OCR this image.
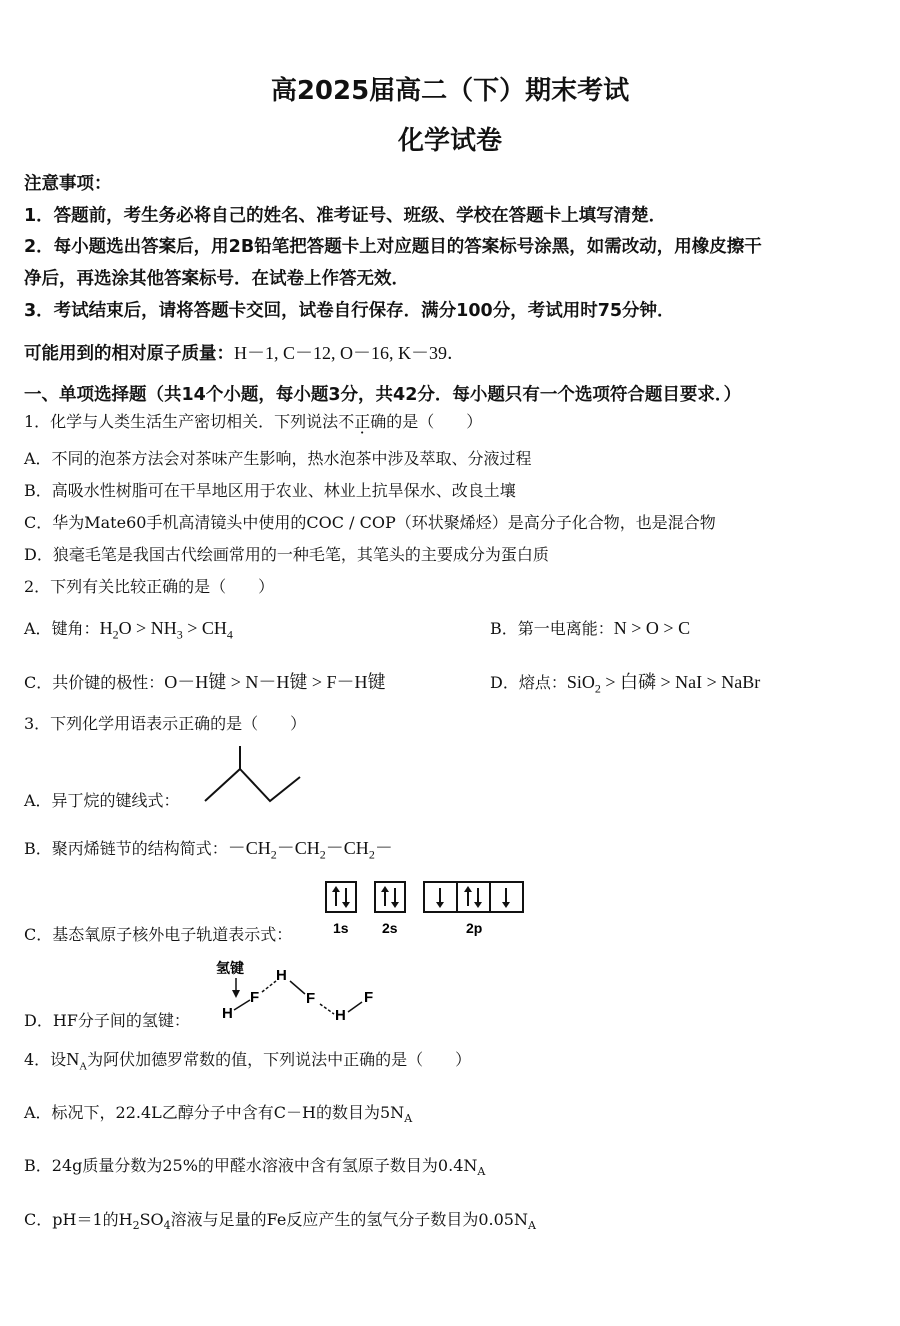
高2025届高二（下）期末考试
化学试卷
注意事项：
1．答题前，考生务必将自己的姓名、准考证号、班级、学校在答题卡上填写清楚．
2．每小题选出答案后，用2B铅笔把答题卡上对应题目的答案标号涂黑，如需改动，用橡皮擦干
净后，再选涂其他答案标号．在试卷上作答无效．
3．考试结束后，请将答题卡交回，试卷自行保存．满分100分，考试用时75分钟．
可能用到的相对原子质量：H－1, C－12, O－16, K－39．
一、单项选择题（共14个小题，每小题3分，共42分．每小题只有一个选项符合题目要求．）
1．化学与人类生活生产密切相关．下列说法不正确的是（　　）
A．不同的泡茶方法会对茶味产生影响，热水泡茶中涉及萃取、分液过程
B．高吸水性树脂可在干旱地区用于农业、林业上抗旱保水、改良土壤
C．华为Mate60手机高清镜头中使用的COC / COP（环状聚烯烃）是高分子化合物，也是混合物
D．狼毫毛笔是我国古代绘画常用的一种毛笔，其笔头的主要成分为蛋白质
2．下列有关比较正确的是（　　）
A．键角：$H_2O > NH_3 > CH_4$	B．第一电离能：N > O > C
C．共价键的极性：O－H键 > N－H键 > F－H键	D．熔点：SiO$_2$ > 白磷 > NaI > NaBr
3．下列化学用语表示正确的是（　　）
A．异丁烷的键线式：
B．聚丙烯链节的结构简式：$-CH_2-CH_2-CH_2-$
C．基态氧原子核外电子轨道表示式：	1s 2s	2p
D．HF分子间的氢键：
氢键
H
F
H
F
H
F
4．设$N_A$为阿伏加德罗常数的值，下列说法中正确的是（　　）
A．标况下，22.4L乙醇分子中含有C－H的数目为$5N_A$
B．24g质量分数为25%的甲醛水溶液中含有氢原子数目为$0.4N_A$
C．pH＝1的$H_2SO_4$溶液与足量的Fe反应产生的氢气分子数目为$0.05N_A$
